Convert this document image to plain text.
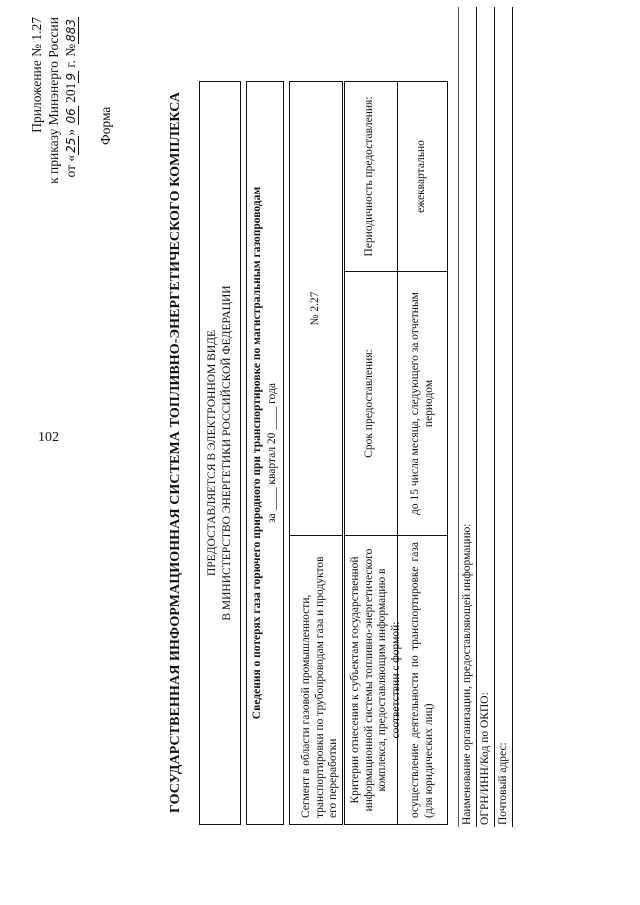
102
Приложение № 1.27 к приказу Минэнерго России от «25» 06 2019 г. №883
Форма	ГОСУДАРСТВЕННАЯ ИНФОРМАЦИОННАЯ СИСТЕМА ТОПЛИВНО-ЭНЕРГЕТИЧЕСКОГО КОМПЛЕКСА ПРЕДОСТАВЛЯЕТСЯ В ЭЛЕКТРОННОМ ВИДЕ В МИНИСТЕРСТВО ЭНЕРГЕТИКИ РОССИЙСКОЙ ФЕДЕРАЦИИ Сведения о потерях газа горючего природного при транспортировке по магистральным газопроводам за ____ квартал 20 ____ года
Сегмент в области газовой промышленности, транспортировки по трубопроводам газа и продуктов его переработки
№ 2.27
Критерии отнесения к субъектам государственной информационной системы топливно-энергетического комплекса, предоставляющим информацию в соответствии с формой:
Срок предоставления:
Периодичность предоставления:
осуществление деятельности по транспортировке газа (для юридических лиц)
до 15 числа месяца, следующего за отчетным периодом
ежеквартально
Наименование организации, предоставляющей информацию: ОГРН/ИНН/Код по ОКПО: Почтовый адрес:
